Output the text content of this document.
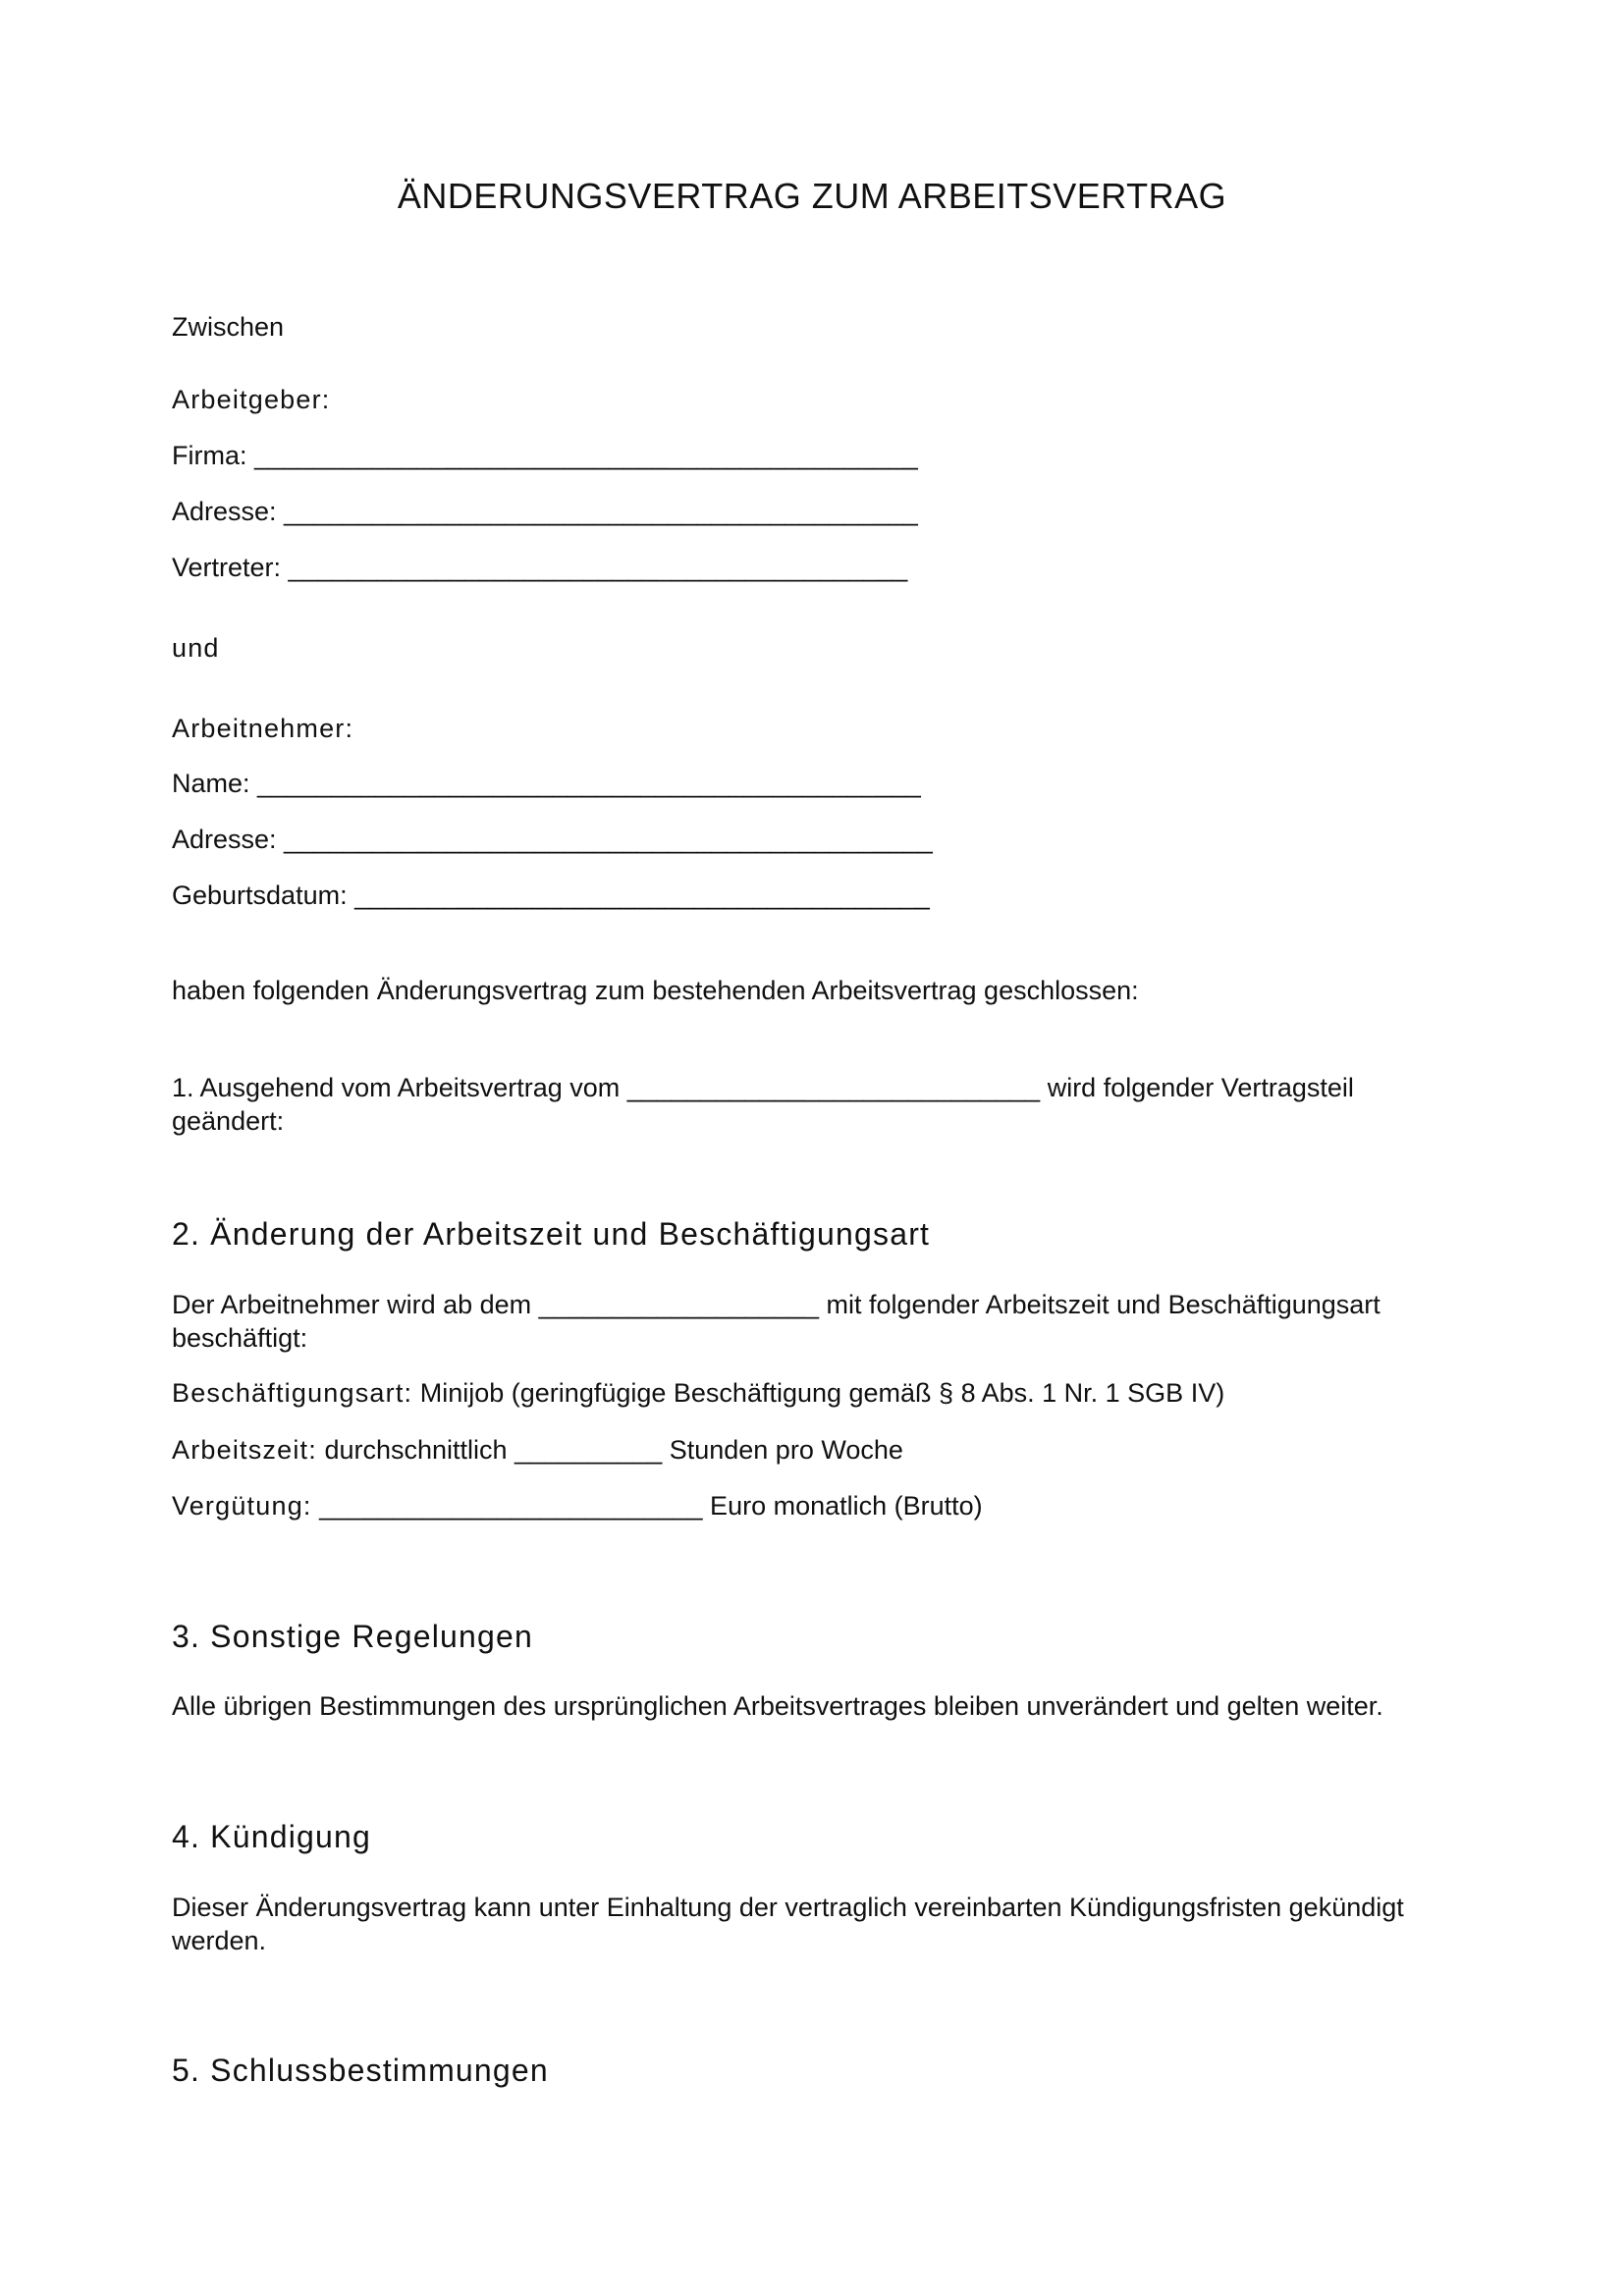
ÄNDERUNGSVERTRAG ZUM ARBEITSVERTRAG

Zwischen

Arbeitgeber:

Firma: _____________________________________________

Adresse: ___________________________________________

Vertreter: __________________________________________

und

Arbeitnehmer:

Name: _____________________________________________

Adresse: ____________________________________________

Geburtsdatum: _______________________________________

haben folgenden Änderungsvertrag zum bestehenden Arbeitsvertrag geschlossen:

1. Ausgehend vom Arbeitsvertrag vom ____________________________ wird folgender Vertragsteil geändert:

2. Änderung der Arbeitszeit und Beschäftigungsart

Der Arbeitnehmer wird ab dem ___________________ mit folgender Arbeitszeit und Beschäftigungsart beschäftigt:

Beschäftigungsart: Minijob (geringfügige Beschäftigung gemäß § 8 Abs. 1 Nr. 1 SGB IV)

Arbeitszeit: durchschnittlich __________ Stunden pro Woche

Vergütung: __________________________ Euro monatlich (Brutto)

3. Sonstige Regelungen

Alle übrigen Bestimmungen des ursprünglichen Arbeitsvertrages bleiben unverändert und gelten weiter.

4. Kündigung

Dieser Änderungsvertrag kann unter Einhaltung der vertraglich vereinbarten Kündigungsfristen gekündigt werden.

5. Schlussbestimmungen
